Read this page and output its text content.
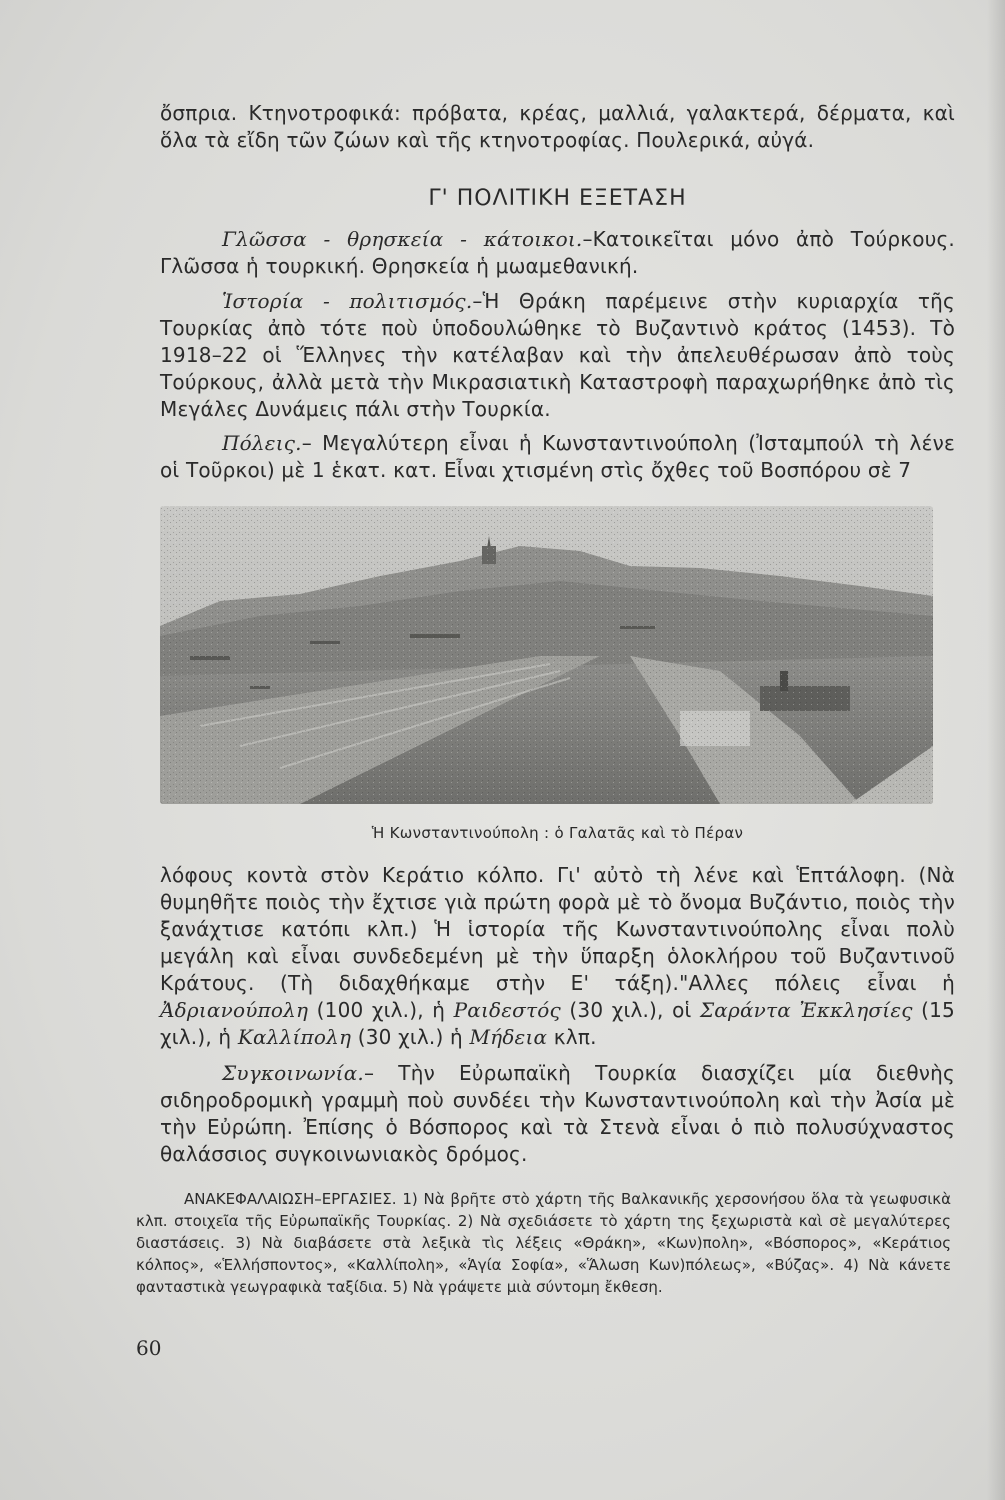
ὄσπρια. Κτηνοτροφικά: πρόβατα, κρέας, μαλλιά, γαλακτερά, δέρματα, καὶ ὅλα τὰ εἴδη τῶν ζώων καὶ τῆς κτηνοτροφίας. Πουλερικά, αὐγά.

Γ' ΠΟΛΙΤΙΚΗ ΕΞΕΤΑΣΗ

Γλῶσσα - θρησκεία - κάτοικοι.–Κατοικεῖται μόνο ἀπὸ Τούρκους. Γλῶσσα ἡ τουρκική. Θρησκεία ἡ μωαμεθανική.

Ἱστορία - πολιτισμός.–Ἡ Θράκη παρέμεινε στὴν κυριαρχία τῆς Τουρκίας ἀπὸ τότε ποὺ ὑποδουλώθηκε τὸ Βυζαντινὸ κράτος (1453). Τὸ 1918–22 οἱ Ἕλληνες τὴν κατέλαβαν καὶ τὴν ἀπελευθέρωσαν ἀπὸ τοὺς Τούρκους, ἀλλὰ μετὰ τὴν Μικρασιατικὴ Καταστροφὴ παραχωρήθηκε ἀπὸ τὶς Μεγάλες Δυνάμεις πάλι στὴν Τουρκία.

Πόλεις.– Μεγαλύτερη εἶναι ἡ Κωνσταντινούπολη (Ἰσταμπούλ τὴ λένε οἱ Τοῦρκοι) μὲ 1 ἑκατ. κατ. Εἶναι χτισμένη στὶς ὄχθες τοῦ Βοσπόρου σὲ 7

Ἡ Κωνσταντινούπολη : ὁ Γαλατᾶς καὶ τὸ Πέραν

λόφους κοντὰ στὸν Κεράτιο κόλπο. Γι' αὐτὸ τὴ λένε καὶ Ἑπτάλοφη. (Νὰ θυμηθῆτε ποιὸς τὴν ἔχτισε γιὰ πρώτη φορὰ μὲ τὸ ὄνομα Βυζάντιο, ποιὸς τὴν ξανάχτισε κατόπι κλπ.) Ἡ ἱστορία τῆς Κωνσταντινούπολης εἶναι πολὺ μεγάλη καὶ εἶναι συνδεδεμένη μὲ τὴν ὕπαρξη ὁλοκλήρου τοῦ Βυζαντινοῦ Κράτους. (Τὴ διδαχθήκαμε στὴν Ε' τάξη)."Αλλες πόλεις εἶναι ἡ Ἀδριανούπολη (100 χιλ.), ἡ Ραιδεστός (30 χιλ.), οἱ Σαράντα Ἐκκλησίες (15 χιλ.), ἡ Καλλίπολη (30 χιλ.) ἡ Μήδεια κλπ.

Συγκοινωνία.– Τὴν Εὐρωπαϊκὴ Τουρκία διασχίζει μία διεθνὴς σιδηροδρομικὴ γραμμὴ ποὺ συνδέει τὴν Κωνσταντινούπολη καὶ τὴν Ἀσία μὲ τὴν Εὐρώπη. Ἐπίσης ὁ Βόσπορος καὶ τὰ Στενὰ εἶναι ὁ πιὸ πολυσύχναστος θαλάσσιος συγκοινωνιακὸς δρόμος.

ΑΝΑΚΕΦΑΛΑΙΩΣΗ–ΕΡΓΑΣΙΕΣ. 1) Νὰ βρῆτε στὸ χάρτη τῆς Βαλκανικῆς χερσονήσου ὅλα τὰ γεωφυσικὰ κλπ. στοιχεῖα τῆς Εὐρωπαϊκῆς Τουρκίας. 2) Νὰ σχεδιάσετε τὸ χάρτη της ξεχωριστὰ καὶ σὲ μεγαλύτερες διαστάσεις. 3) Νὰ διαβάσετε στὰ λεξικὰ τὶς λέξεις «Θράκη», «Κων)πολη», «Βόσπορος», «Κεράτιος κόλπος», «Ἑλλήσποντος», «Καλλίπολη», «Ἁγία Σοφία», «Ἅλωση Κων)πόλεως», «Βύζας». 4) Νὰ κάνετε φανταστικὰ γεωγραφικὰ ταξίδια. 5) Νὰ γράψετε μιὰ σύντομη ἔκθεση.

60
